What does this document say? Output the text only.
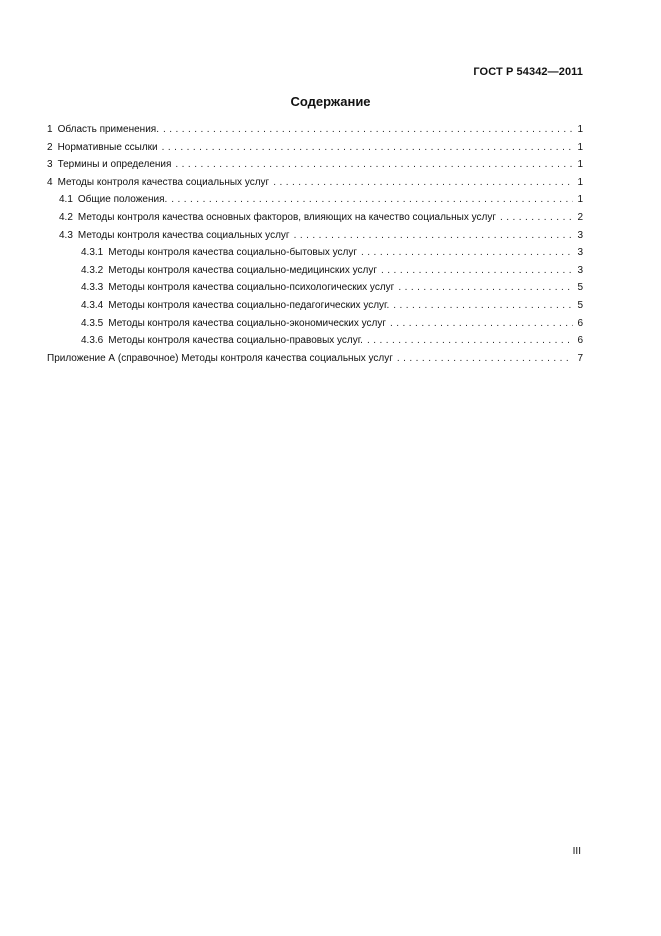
ГОСТ Р 54342—2011
Содержание
1 Область применения. . . .	1
2 Нормативные ссылки . . .	1
3 Термины и определения . . .	1
4 Методы контроля качества социальных услуг . . .	1
4.1 Общие положения. . . .	1
4.2 Методы контроля качества основных факторов, влияющих на качество социальных услуг . . .	2
4.3 Методы контроля качества социальных услуг . . .	3
4.3.1 Методы контроля качества социально-бытовых услуг . . .	3
4.3.2 Методы контроля качества социально-медицинских услуг . . .	3
4.3.3 Методы контроля качества социально-психологических услуг . . .	5
4.3.4 Методы контроля качества социально-педагогических услуг. . . .	5
4.3.5 Методы контроля качества социально-экономических услуг . . .	6
4.3.6 Методы контроля качества социально-правовых услуг. . . .	6
Приложение А (справочное) Методы контроля качества социальных услуг . . .	7
III
